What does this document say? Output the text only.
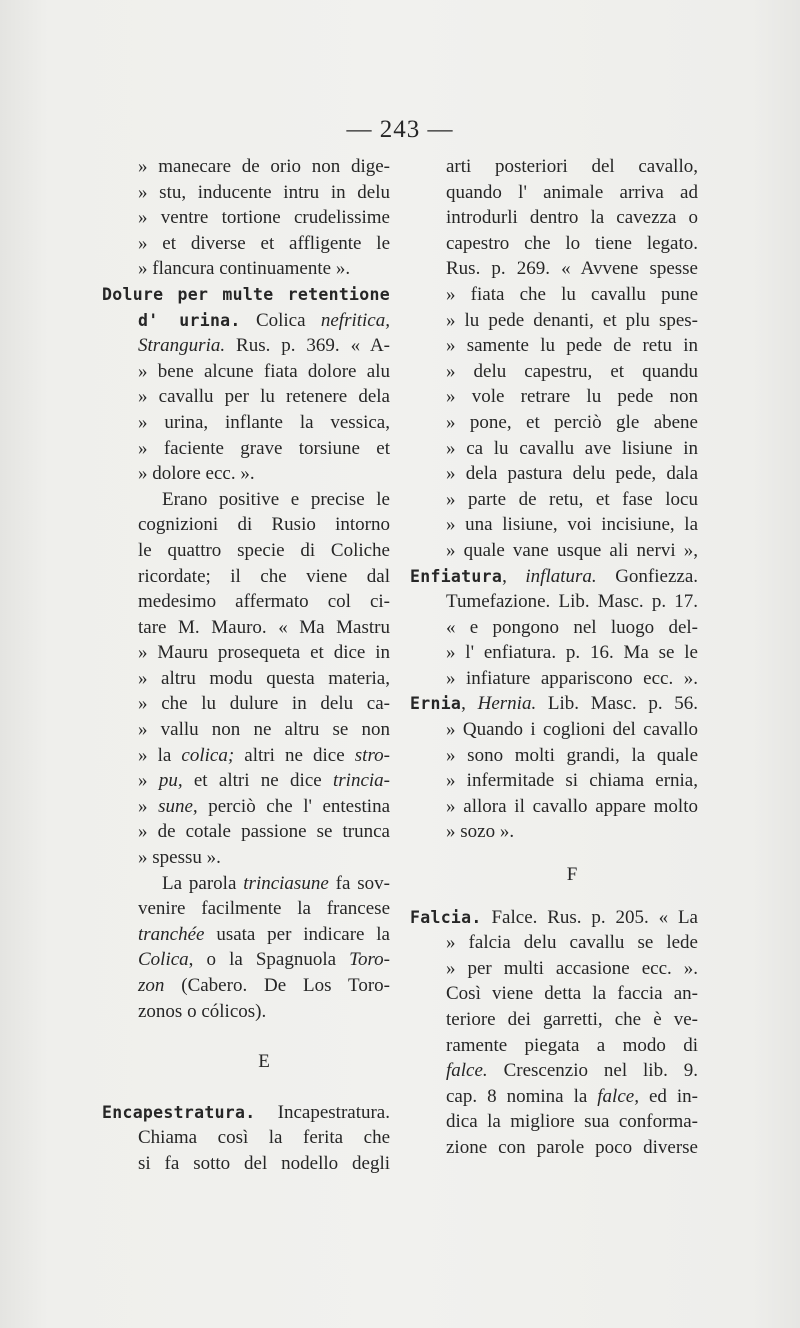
— 243 —
» manecare de orio non dige-
» stu, inducente intru in delu
» ventre tortione crudelissime
» et diverse et affligente le
» flancura continuamente ».
Dolure per multe retentione
d' urina. Colica nefritica,
Stranguria. Rus. p. 369. « A-
» bene alcune fiata dolore alu
» cavallu per lu retenere dela
» urina, inflante la vessica,
» faciente grave torsiune et
» dolore ecc. ».
Erano positive e precise le
cognizioni di Rusio intorno
le quattro specie di Coliche
ricordate; il che viene dal
medesimo affermato col ci-
tare M. Mauro. « Ma Mastru
» Mauru prosequeta et dice in
» altru modu questa materia,
» che lu dulure in delu ca-
» vallu non ne altru se non
» la colica; altri ne dice stro-
» pu, et altri ne dice trincia-
» sune, perciò che l' entestina
» de cotale passione se trunca
» spessu ».
La parola trinciasune fa sov-
venire facilmente la francese
tranchée usata per indicare la
Colica, o la Spagnuola Toro-
zon (Cabero. De Los Toro-
zonos o cólicos).
E
Encapestratura. Incapestratura.
Chiama così la ferita che
si fa sotto del nodello degli
arti posteriori del cavallo,
quando l' animale arriva ad
introdurli dentro la cavezza o
capestro che lo tiene legato.
Rus. p. 269. « Avvene spesse
» fiata che lu cavallu pune
» lu pede denanti, et plu spes-
» samente lu pede de retu in
» delu capestru, et quandu
» vole retrare lu pede non
» pone, et perciò gle abene
» ca lu cavallu ave lisiune in
» dela pastura delu pede, dala
» parte de retu, et fase locu
» una lisiune, voi incisiune, la
» quale vane usque ali nervi »,
Enfiatura, inflatura. Gonfiezza.
Tumefazione. Lib. Masc. p. 17.
« e pongono nel luogo del-
» l' enfiatura. p. 16. Ma se le
» infiature appariscono ecc. ».
Ernia, Hernia. Lib. Masc. p. 56.
» Quando i coglioni del cavallo
» sono molti grandi, la quale
» infermitade si chiama ernia,
» allora il cavallo appare molto
» sozo ».
F
Falcia. Falce. Rus. p. 205. « La
» falcia delu cavallu se lede
» per multi accasione ecc. ».
Così viene detta la faccia an-
teriore dei garretti, che è ve-
ramente piegata a modo di
falce. Crescenzio nel lib. 9.
cap. 8 nomina la falce, ed in-
dica la migliore sua conforma-
zione con parole poco diverse
